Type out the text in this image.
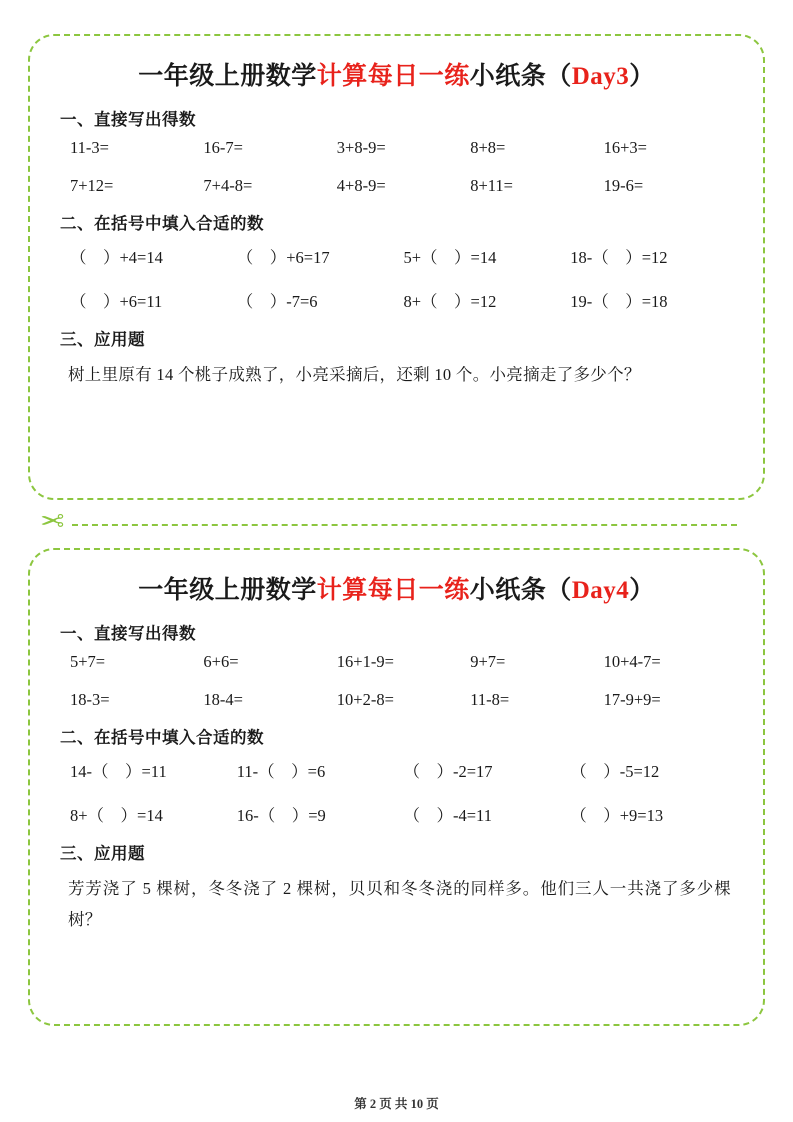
一年级上册数学计算每日一练小纸条（Day3）
一、直接写出得数
11-3=	16-7=	3+8-9=	8+8=	16+3=
7+12=	7+4-8=	4+8-9=	8+11=	19-6=
二、在括号中填入合适的数
（　）+4=14	（　）+6=17	5+（　）=14	18-（　）=12
（　）+6=11	（　）-7=6	8+（　）=12	19-（　）=18
三、应用题
树上里原有 14 个桃子成熟了，小亮采摘后，还剩 10 个。小亮摘走了多少个？
✂
一年级上册数学计算每日一练小纸条（Day4）
一、直接写出得数
5+7=	6+6=	16+1-9=	9+7=	10+4-7=
18-3=	18-4=	10+2-8=	11-8=	17-9+9=
二、在括号中填入合适的数
14-（　）=11	11-（　）=6	（　）-2=17	（　）-5=12
8+（　）=14	16-（　）=9	（　）-4=11	（　）+9=13
三、应用题
芳芳浇了 5 棵树，冬冬浇了 2 棵树，贝贝和冬冬浇的同样多。他们三人一共浇了多少棵树？
第 2 页 共 10 页
